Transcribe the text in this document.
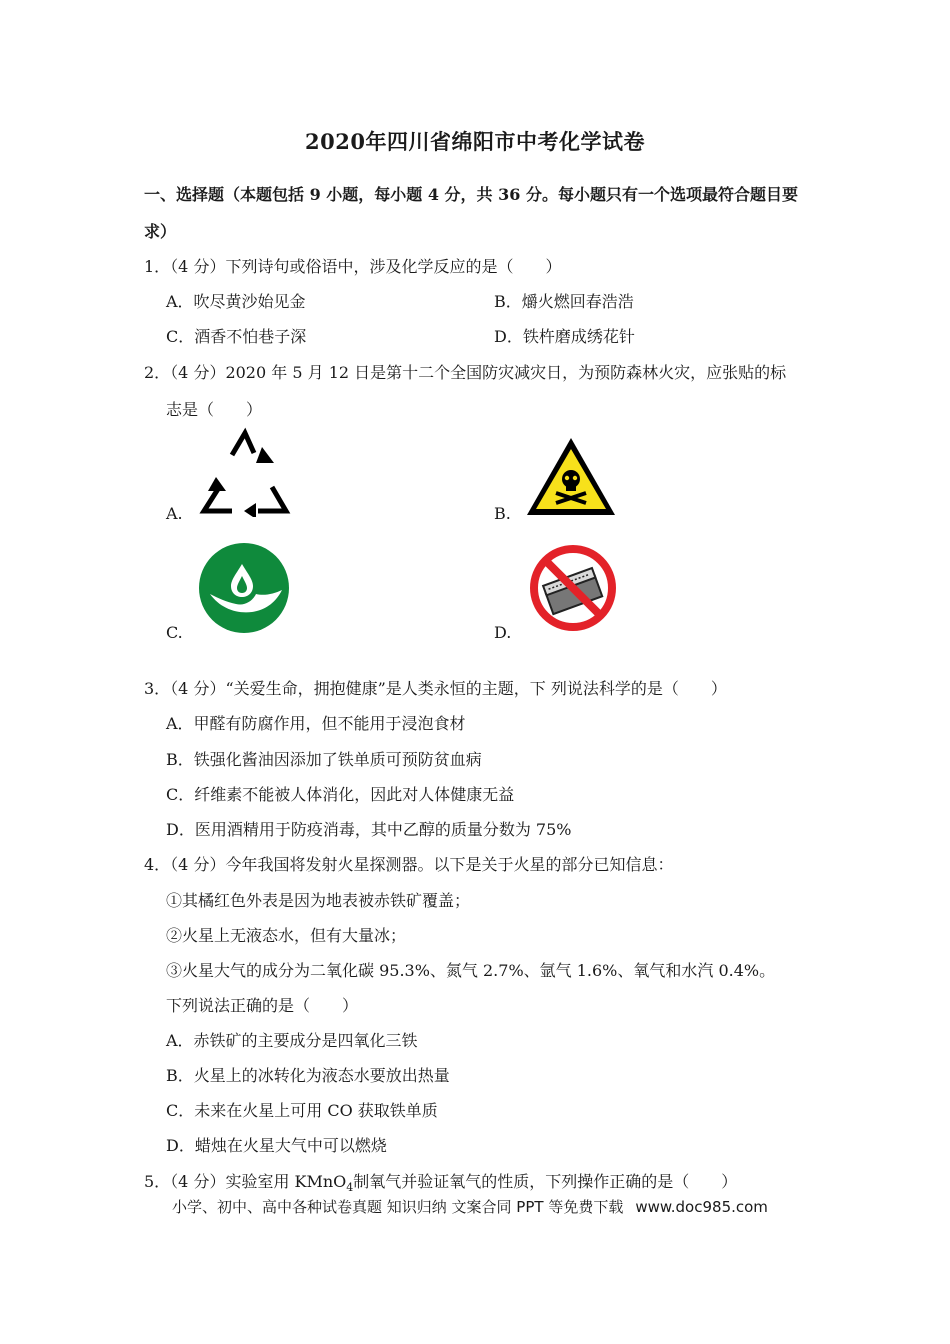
2020年四川省绵阳市中考化学试卷
一、选择题（本题包括 9 小题，每小题 4 分，共 36 分。每小题只有一个选项最符合题目要
求）
1．（4 分）下列诗句或俗语中，涉及化学反应的是（　　）
A．吹尽黄沙始见金	B．爝火燃回春浩浩
C．酒香不怕巷子深	D．铁杵磨成绣花针
2．（4 分）2020 年 5 月 12 日是第十二个全国防灾减灾日，为预防森林火灾，应张贴的标
志是（　　）
A.	B.
C.	D.
3．（4 分）“关爱生命，拥抱健康”是人类永恒的主题，下 列说法科学的是（　　）
A．甲醛有防腐作用，但不能用于浸泡食材
B．铁强化酱油因添加了铁单质可预防贫血病
C．纤维素不能被人体消化，因此对人体健康无益
D．医用酒精用于防疫消毒，其中乙醇的质量分数为 75%
4．（4 分）今年我国将发射火星探测器。以下是关于火星的部分已知信息：
①其橘红色外表是因为地表被赤铁矿覆盖；
②火星上无液态水，但有大量冰；
③火星大气的成分为二氧化碳 95.3%、氮气 2.7%、氩气 1.6%、氧气和水汽 0.4%。
下列说法正确的是（　　）
A．赤铁矿的主要成分是四氧化三铁
B．火星上的冰转化为液态水要放出热量
C．未来在火星上可用 CO 获取铁单质
D．蜡烛在火星大气中可以燃烧
5．（4 分）实验室用 KMnO$_4$制氧气并验证氧气的性质，下列操作正确的是（　　）
小学、初中、高中各种试卷真题 知识归纳 文案合同 PPT 等免费下载 www.doc985.com
